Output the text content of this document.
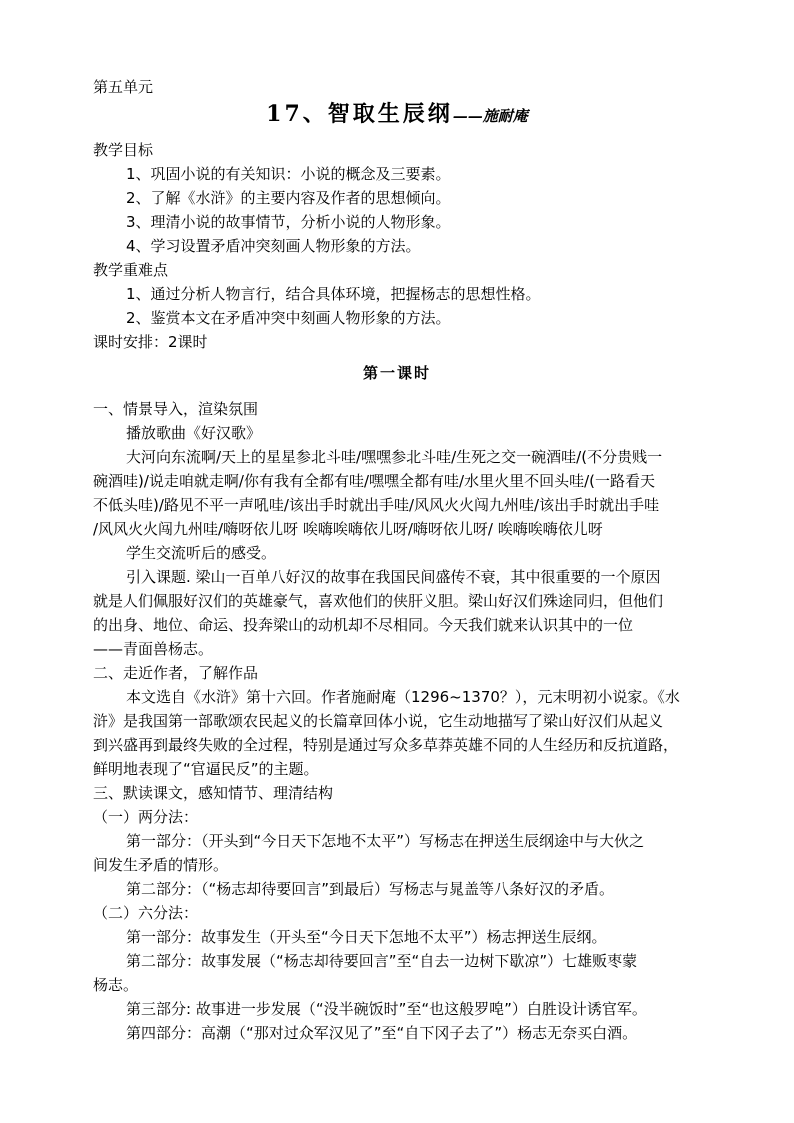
第五单元
17、智取生辰纲——施耐庵
教学目标
1、巩固小说的有关知识：小说的概念及三要素。
2、了解《水浒》的主要内容及作者的思想倾向。
3、理清小说的故事情节，分析小说的人物形象。
4、学习设置矛盾冲突刻画人物形象的方法。
教学重难点
1、通过分析人物言行，结合具体环境，把握杨志的思想性格。
2、鉴赏本文在矛盾冲突中刻画人物形象的方法。
课时安排：2课时
第一课时
一、情景导入，渲染氛围
播放歌曲《好汉歌》
大河向东流啊/天上的星星参北斗哇/嘿嘿参北斗哇/生死之交一碗酒哇/(不分贵贱一
碗酒哇)/说走咱就走啊/你有我有全都有哇/嘿嘿全都有哇/水里火里不回头哇/(一路看天
不低头哇)/路见不平一声吼哇/该出手时就出手哇/风风火火闯九州哇/该出手时就出手哇
/风风火火闯九州哇/嗨呀依儿呀 唉嗨唉嗨依儿呀/嗨呀依儿呀/ 唉嗨唉嗨依儿呀
学生交流听后的感受。
引入课题. 梁山一百单八好汉的故事在我国民间盛传不衰，其中很重要的一个原因
就是人们佩服好汉们的英雄豪气，喜欢他们的侠肝义胆。梁山好汉们殊途同归，但他们
的出身、地位、命运、投奔梁山的动机却不尽相同。今天我们就来认识其中的一位
——青面兽杨志。
二、走近作者，了解作品
本文选自《水浒》第十六回。作者施耐庵（1296~1370？），元末明初小说家。《水
浒》是我国第一部歌颂农民起义的长篇章回体小说，它生动地描写了梁山好汉们从起义
到兴盛再到最终失败的全过程，特别是通过写众多草莽英雄不同的人生经历和反抗道路，
鲜明地表现了“官逼民反”的主题。
三、默读课文，感知情节、理清结构
（一）两分法：
第一部分：（开头到“今日天下怎地不太平”）写杨志在押送生辰纲途中与大伙之
间发生矛盾的情形。
第二部分：（“杨志却待要回言”到最后）写杨志与晁盖等八条好汉的矛盾。
（二）六分法：
第一部分：故事发生（开头至“今日天下怎地不太平”）杨志押送生辰纲。
第二部分：故事发展（“杨志却待要回言”至“自去一边树下歇凉”）七雄贩枣蒙
杨志。
第三部分: 故事进一步发展（“没半碗饭时”至“也这般罗唣”）白胜设计诱官军。
第四部分：高潮（“那对过众军汉见了”至“自下冈子去了”）杨志无奈买白酒。
